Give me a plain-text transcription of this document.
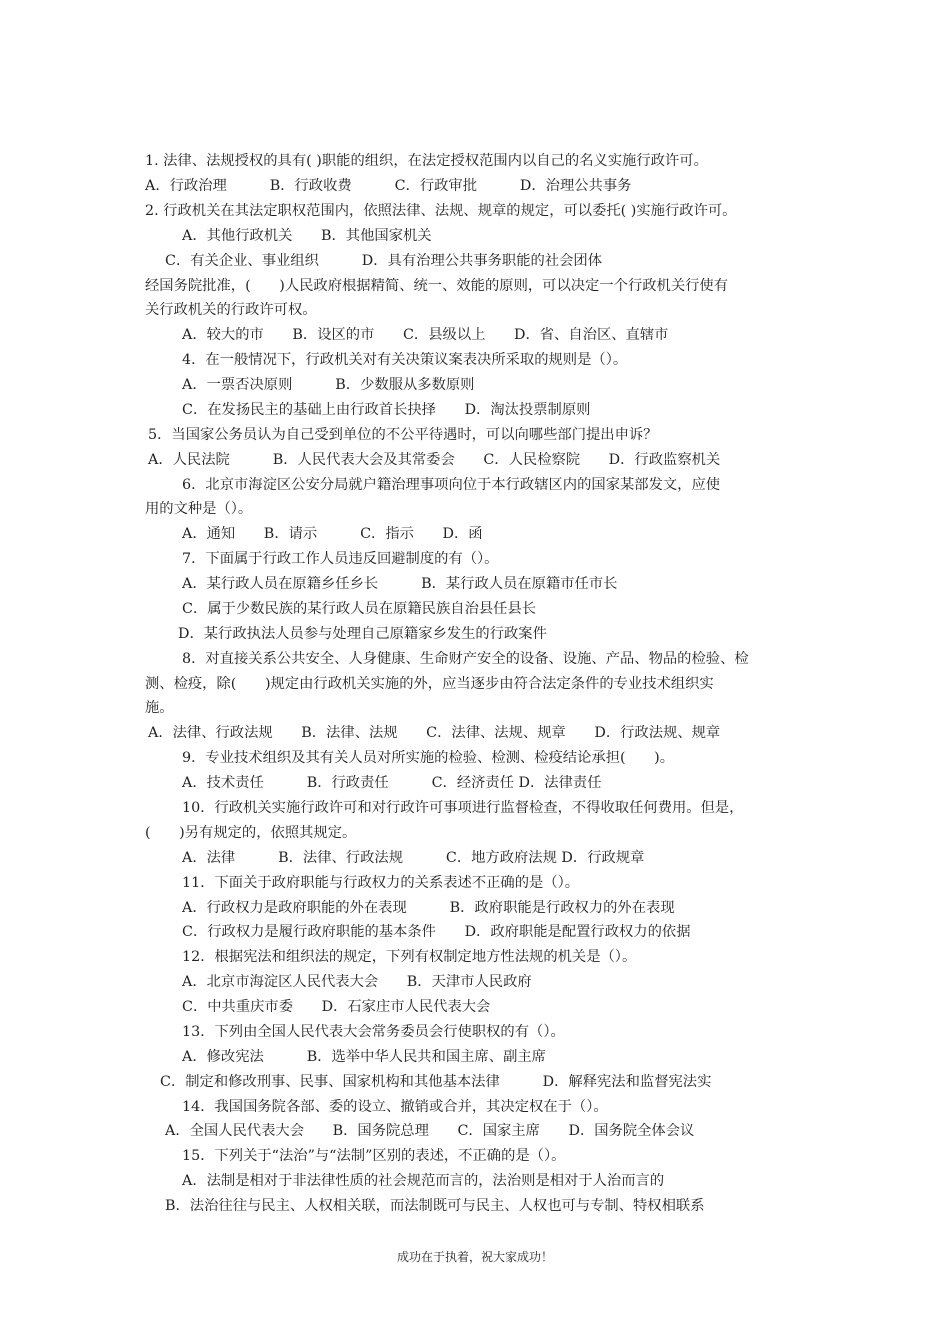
1. 法律、法规授权的具有( )职能的组织，在法定授权范围内以自己的名义实施行政许可。
A．行政治理　　　B．行政收费　　　C．行政审批　　　D．治理公共事务
2. 行政机关在其法定职权范围内，依照法律、法规、规章的规定，可以委托( )实施行政许可。
A．其他行政机关　　B．其他国家机关
C．有关企业、事业组织　　　D．具有治理公共事务职能的社会团体
经国务院批准，(　　)人民政府根据精简、统一、效能的原则，可以决定一个行政机关行使有
关行政机关的行政许可权。
A．较大的市　　B．设区的市　　C．县级以上　　D．省、自治区、直辖市
4．在一般情况下，行政机关对有关决策议案表决所采取的规则是（）。
A．一票否决原则　　　B．少数服从多数原则
C．在发扬民主的基础上由行政首长抉择　　D．淘汰投票制原则
5．当国家公务员认为自己受到单位的不公平待遇时，可以向哪些部门提出申诉？
A．人民法院　　　B．人民代表大会及其常委会　　C．人民检察院　　D．行政监察机关
6．北京市海淀区公安分局就户籍治理事项向位于本行政辖区内的国家某部发文，应使
用的文种是（）。
A．通知　　B．请示　　　C．指示　　D．函
7．下面属于行政工作人员违反回避制度的有（）。
A．某行政人员在原籍乡任乡长　　　B．某行政人员在原籍市任市长
C．属于少数民族的某行政人员在原籍民族自治县任县长
D．某行政执法人员参与处理自己原籍家乡发生的行政案件
8．对直接关系公共安全、人身健康、生命财产安全的设备、设施、产品、物品的检验、检
测、检疫，除(　　)规定由行政机关实施的外，应当逐步由符合法定条件的专业技术组织实
施。
A．法律、行政法规　　B．法律、法规　　C．法律、法规、规章　　D．行政法规、规章
9．专业技术组织及其有关人员对所实施的检验、检测、检疫结论承担(　　)。
A．技术责任　　　B．行政责任　　　C．经济责任 D．法律责任
10．行政机关实施行政许可和对行政许可事项进行监督检查，不得收取任何费用。但是，
(　　)另有规定的，依照其规定。
A．法律　　　B．法律、行政法规　　　C．地方政府法规 D．行政规章
11．下面关于政府职能与行政权力的关系表述不正确的是（）。
A．行政权力是政府职能的外在表现　　　B．政府职能是行政权力的外在表现
C．行政权力是履行政府职能的基本条件　　D．政府职能是配置行政权力的依据
12．根据宪法和组织法的规定，下列有权制定地方性法规的机关是（）。
A．北京市海淀区人民代表大会　　B．天津市人民政府
C．中共重庆市委　　D．石家庄市人民代表大会
13．下列由全国人民代表大会常务委员会行使职权的有（）。
A．修改宪法　　　B．选举中华人民共和国主席、副主席
C．制定和修改刑事、民事、国家机构和其他基本法律　　　D．解释宪法和监督宪法实
14．我国国务院各部、委的设立、撤销或合并，其决定权在于（）。
A．全国人民代表大会　　B．国务院总理　　C．国家主席　　D．国务院全体会议
15．下列关于“法治”与“法制”区别的表述，不正确的是（）。
A．法制是相对于非法律性质的社会规范而言的，法治则是相对于人治而言的
B．法治往往与民主、人权相关联，而法制既可与民主、人权也可与专制、特权相联系
成功在于执着，祝大家成功！
